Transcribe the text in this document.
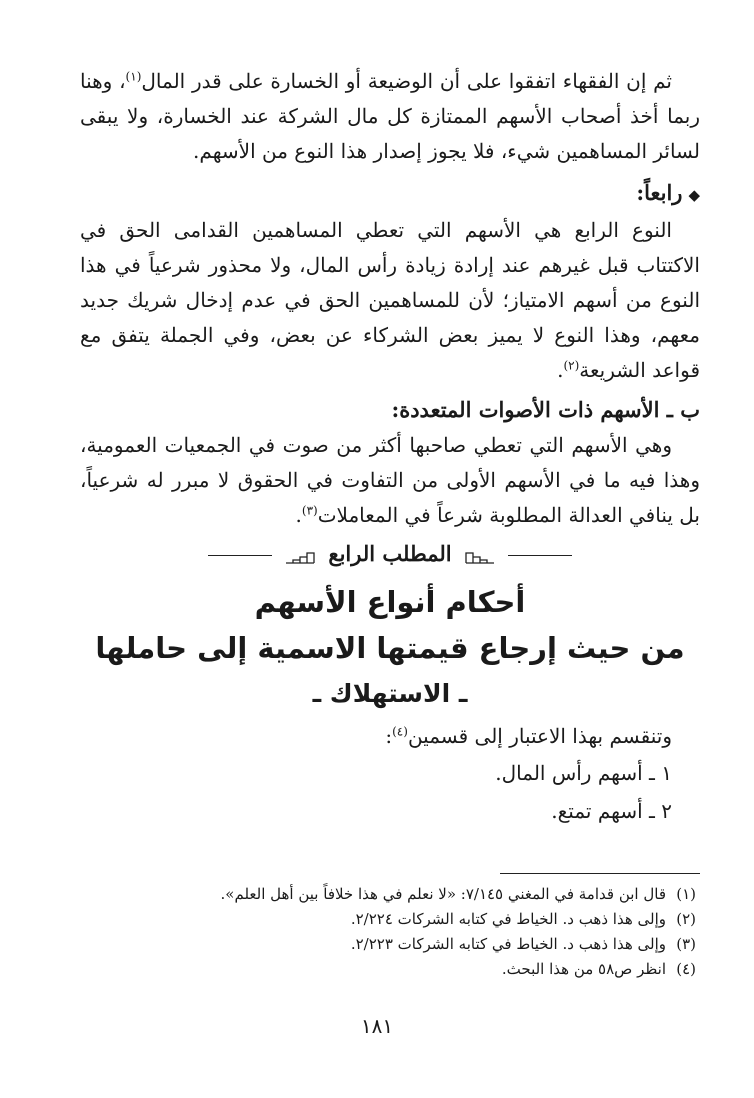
ثم إن الفقهاء اتفقوا على أن الوضيعة أو الخسارة على قدر المال$^{(١)}$، وهنا ربما أخذ أصحاب الأسهم الممتازة كل مال الشركة عند الخسارة، ولا يبقى لسائر المساهمين شيء، فلا يجوز إصدار هذا النوع من الأسهم.

◆رابعاً:

النوع الرابع هي الأسهم التي تعطي المساهمين القدامى الحق في الاكتتاب قبل غيرهم عند إرادة زيادة رأس المال، ولا محذور شرعياً في هذا النوع من أسهم الامتياز؛ لأن للمساهمين الحق في عدم إدخال شريك جديد معهم، وهذا النوع لا يميز بعض الشركاء عن بعض، وفي الجملة يتفق مع قواعد الشريعة$^{(٢)}$.

ب ـ الأسهم ذات الأصوات المتعددة:

وهي الأسهم التي تعطي صاحبها أكثر من صوت في الجمعيات العمومية، وهذا فيه ما في الأسهم الأولى من التفاوت في الحقوق لا مبرر له شرعياً، بل ينافي العدالة المطلوبة شرعاً في المعاملات$^{(٣)}$.

المطلب الرابع

أحكام أنواع الأسهم

من حيث إرجاع قيمتها الاسمية إلى حاملها

ـ الاستهلاك ـ

وتنقسم بهذا الاعتبار إلى قسمين$^{(٤)}$:

١ ـ أسهم رأس المال.
٢ ـ أسهم تمتع.
(١)قال ابن قدامة في المغني ٧/١٤٥: «لا نعلم في هذا خلافاً بين أهل العلم».
(٢)وإلى هذا ذهب د. الخياط في كتابه الشركات ٢/٢٢٤.
(٣)وإلى هذا ذهب د. الخياط في كتابه الشركات ٢/٢٢٣.
(٤)انظر ص٥٨ من هذا البحث.
١٨١
